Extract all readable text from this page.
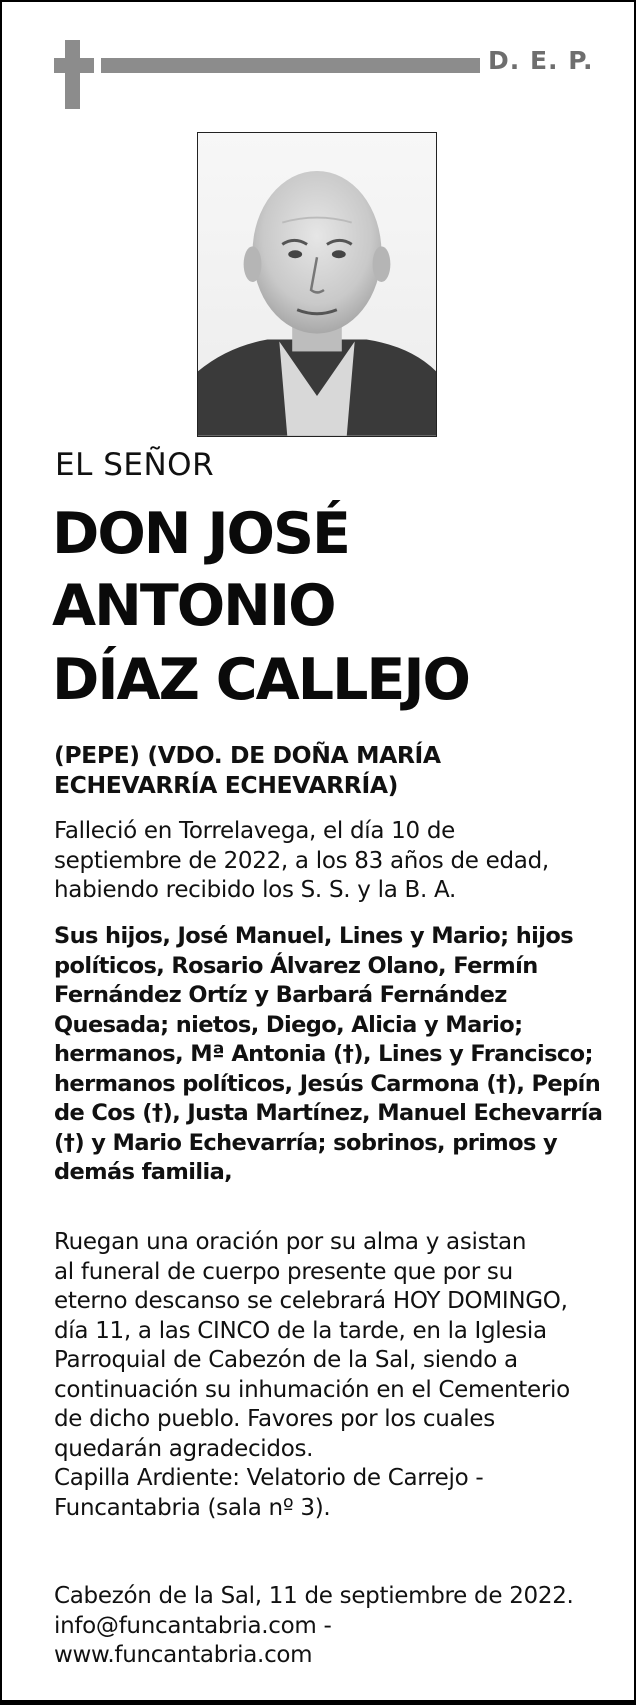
D. E. P.
EL SEÑOR
DON JOSÉ
ANTONIO
DÍAZ CALLEJO
(PEPE) (VDO. DE DOÑA MARÍA
ECHEVARRÍA ECHEVARRÍA)
Falleció en Torrelavega, el día 10 de
septiembre de 2022, a los 83 años de edad,
habiendo recibido los S. S. y la B. A.
Sus hijos, José Manuel, Lines y Mario; hijos
políticos, Rosario Álvarez Olano, Fermín
Fernández Ortíz y Barbará Fernández
Quesada; nietos, Diego, Alicia y Mario;
hermanos, Mª Antonia (†), Lines y Francisco;
hermanos políticos, Jesús Carmona (†), Pepín
de Cos (†), Justa Martínez, Manuel Echevarría
(†) y Mario Echevarría; sobrinos, primos y
demás familia,
Ruegan una oración por su alma y asistan
al funeral de cuerpo presente que por su
eterno descanso se celebrará HOY DOMINGO,
día 11, a las CINCO de la tarde, en la Iglesia
Parroquial de Cabezón de la Sal, siendo a
continuación su inhumación en el Cementerio
de dicho pueblo. Favores por los cuales
quedarán agradecidos.
Capilla Ardiente: Velatorio de Carrejo -
Funcantabria (sala nº 3).
Cabezón de la Sal, 11 de septiembre de 2022.
info@funcantabria.com -
www.funcantabria.com
